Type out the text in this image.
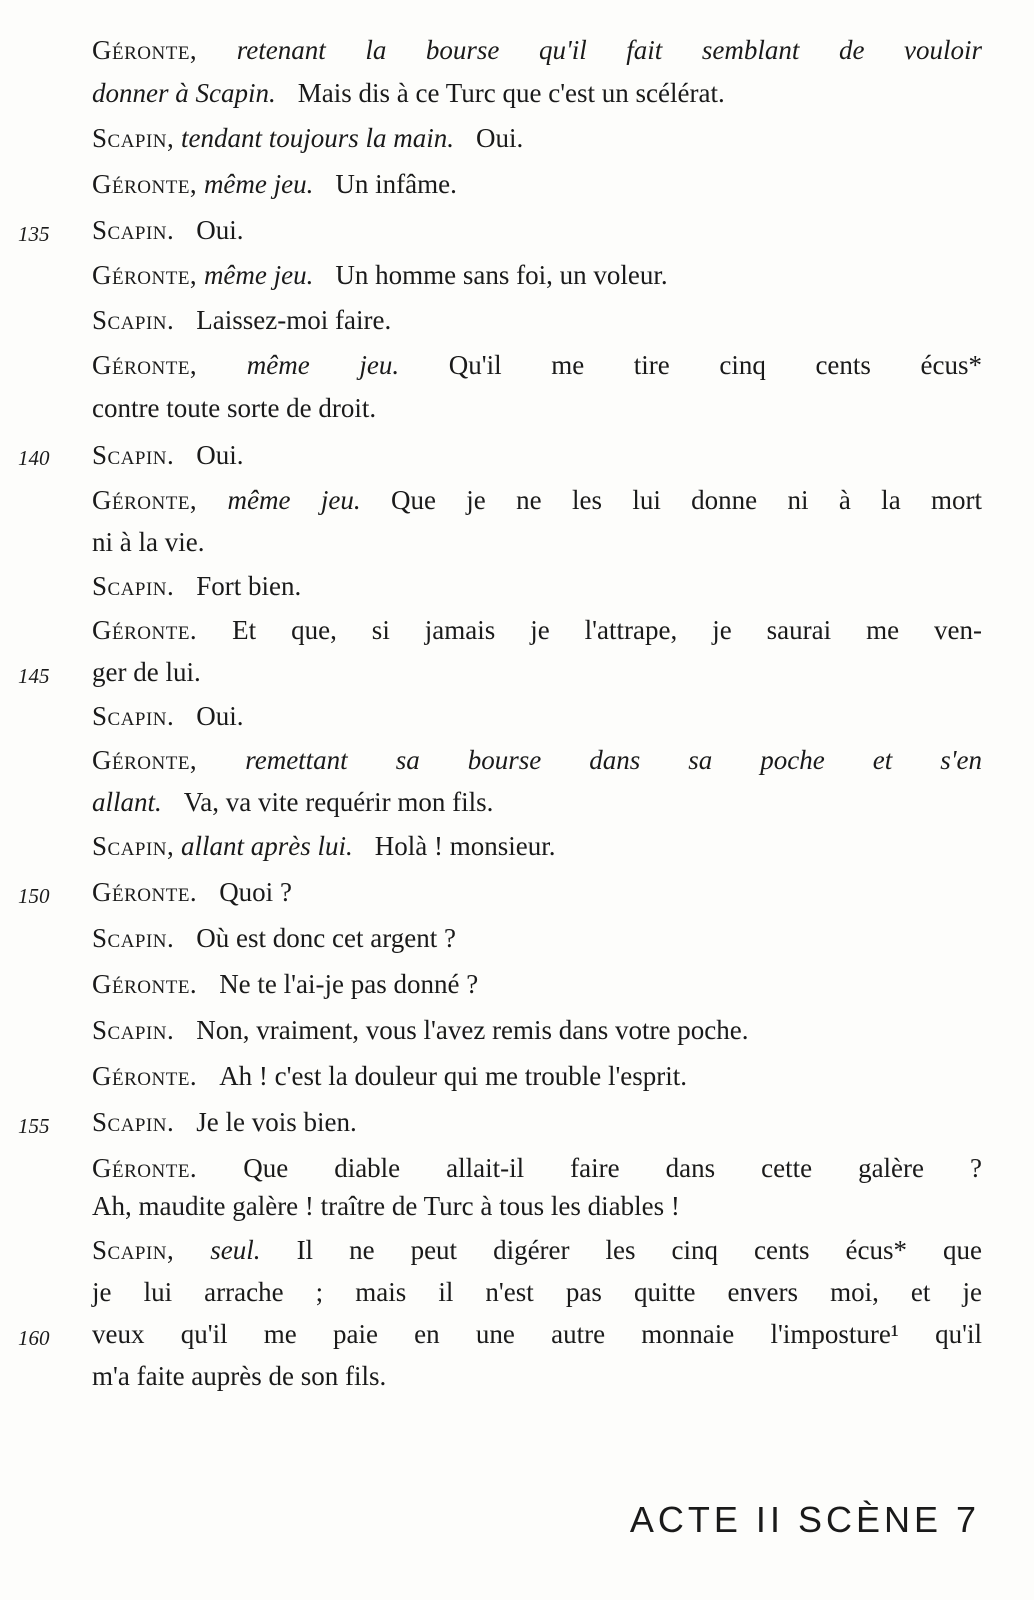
Géronte, retenant la bourse qu'il fait semblant de vouloir
donner à Scapin. Mais dis à ce Turc que c'est un scélérat.
Scapin, tendant toujours la main. Oui.
Géronte, même jeu. Un infâme.
Scapin. Oui.
Géronte, même jeu. Un homme sans foi, un voleur.
Scapin. Laissez-moi faire.
Géronte, même jeu. Qu'il me tire cinq cents écus*
contre toute sorte de droit.
Scapin. Oui.
Géronte, même jeu. Que je ne les lui donne ni à la mort
ni à la vie.
Scapin. Fort bien.
Géronte. Et que, si jamais je l'attrape, je saurai me ven-
ger de lui.
Scapin. Oui.
Géronte, remettant sa bourse dans sa poche et s'en
allant. Va, va vite requérir mon fils.
Scapin, allant après lui. Holà ! monsieur.
Géronte. Quoi ?
Scapin. Où est donc cet argent ?
Géronte. Ne te l'ai-je pas donné ?
Scapin. Non, vraiment, vous l'avez remis dans votre poche.
Géronte. Ah ! c'est la douleur qui me trouble l'esprit.
Scapin. Je le vois bien.
Géronte. Que diable allait-il faire dans cette galère ?
Ah, maudite galère ! traître de Turc à tous les diables !
Scapin, seul. Il ne peut digérer les cinq cents écus* que
je lui arrache ; mais il n'est pas quitte envers moi, et je
veux qu'il me paie en une autre monnaie l'imposture¹ qu'il
m'a faite auprès de son fils.
135
140
145
150
155
160
ACTE II SCÈNE 7
